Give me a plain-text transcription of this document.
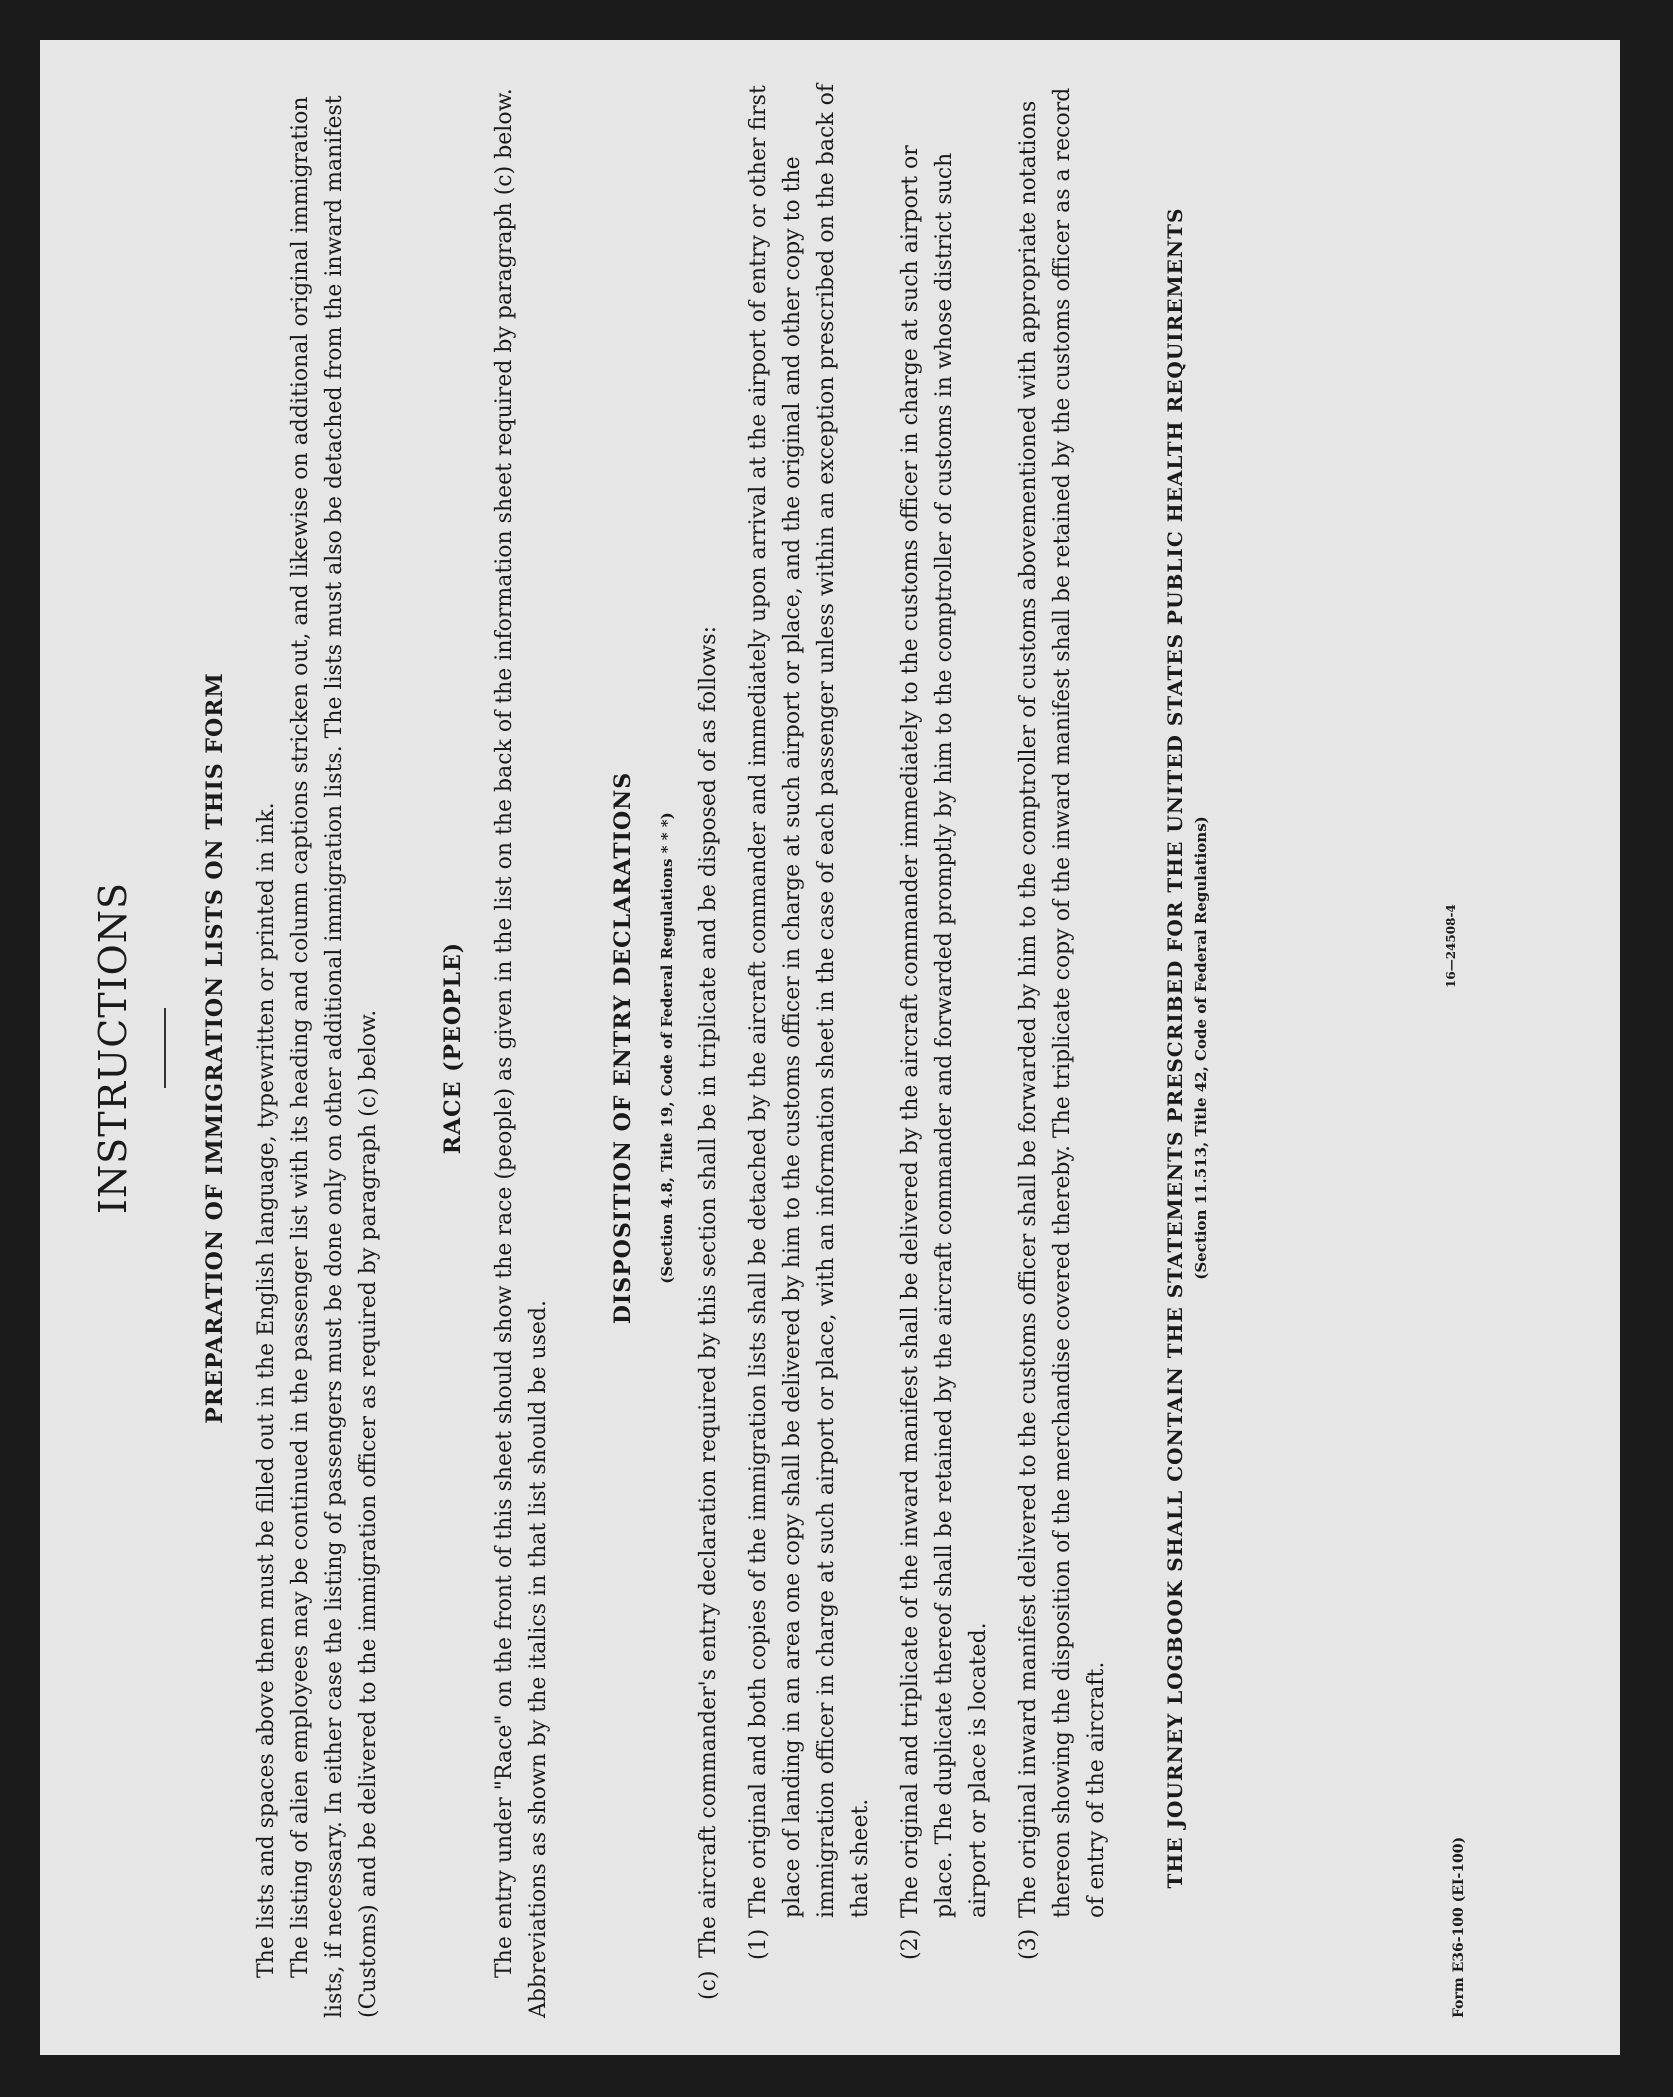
INSTRUCTIONS	PREPARATION OF IMMIGRATION LISTS ON THIS FORM The lists and spaces above them must be filled out in the English language, typewritten or printed in ink. The listing of alien employees may be continued in the passenger list with its heading and column captions stricken out, and likewise on additional original immigration lists, if necessary. In either case the listing of passengers must be done only on other additional immigration lists. The lists must also be detached from the inward manifest (Customs) and be delivered to the immigration officer as required by paragraph (c) below.	RACE (PEOPLE) The entry under "Race" on the front of this sheet should show the race (people) as given in the list on the back of the information sheet required by paragraph (c) below. Abbreviations as shown by the italics in that list should be used.

DISPOSITION OF ENTRY DECLARATIONS (Section 4.8, Title 19, Code of Federal Regulations * * *)
(c)
The aircraft commander's entry declaration required by this section shall be in triplicate and be disposed of as follows: (1)
The original and both copies of the immigration lists shall be detached by the aircraft commander and immediately upon arrival at the airport of entry or other first place of landing in an area one copy shall be delivered by him to the customs officer in charge at such airport or place, and the original and other copy to the immigration officer in charge at such airport or place, with an information sheet in the case of each passenger unless within an exception prescribed on the back of that sheet.
(2)
The original and triplicate of the inward manifest shall be delivered by the aircraft commander immediately to the customs officer in charge at such airport or place. The duplicate thereof shall be retained by the aircraft commander and forwarded promptly by him to the comptroller of customs in whose district such airport or place is located.
(3)
The original inward manifest delivered to the customs officer shall be forwarded by him to the comptroller of customs abovementioned with appropriate notations thereon showing the disposition of the merchandise covered thereby. The triplicate copy of the inward manifest shall be retained by the customs officer as a record of entry of the aircraft.	THE JOURNEY LOGBOOK SHALL CONTAIN THE STATEMENTS PRESCRIBED FOR THE UNITED STATES PUBLIC HEALTH REQUIREMENTS (Section 11.513, Title 42, Code of Federal Regulations)	16—24508-4
Form E36-100 (EI-100)
